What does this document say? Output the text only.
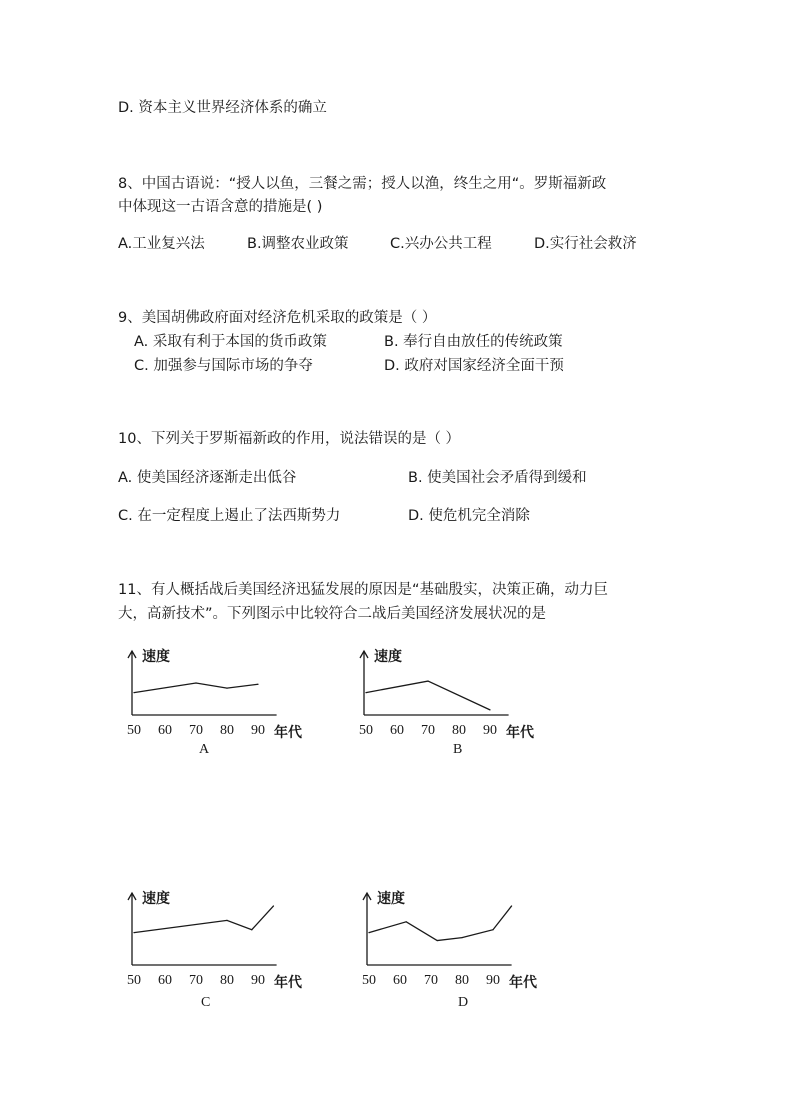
D. 资本主义世界经济体系的确立
8、中国古语说：“授人以鱼，三餐之需；授人以渔，终生之用“。罗斯福新政
中体现这一古语含意的措施是( )
A.工业复兴法	B.调整农业政策	C.兴办公共工程	D.实行社会救济
9、美国胡佛政府面对经济危机采取的政策是（ ）
A. 采取有利于本国的货币政策	B. 奉行自由放任的传统政策
C. 加强参与国际市场的争夺	D. 政府对国家经济全面干预
10、下列关于罗斯福新政的作用，说法错误的是（ ）
A. 使美国经济逐渐走出低谷	B. 使美国社会矛盾得到缓和
C. 在一定程度上遏止了法西斯势力	D. 使危机完全消除
11、有人概括战后美国经济迅猛发展的原因是“基础殷实，决策正确，动力巨
大，高新技术”。下列图示中比较符合二战后美国经济发展状况的是
速度
50 60 70 80 90 年代
A
速度
50 60 70 80 90 年代
B
速度
50 60 70 80 90 年代
C
速度
50 60 70 80 90 年代
D
